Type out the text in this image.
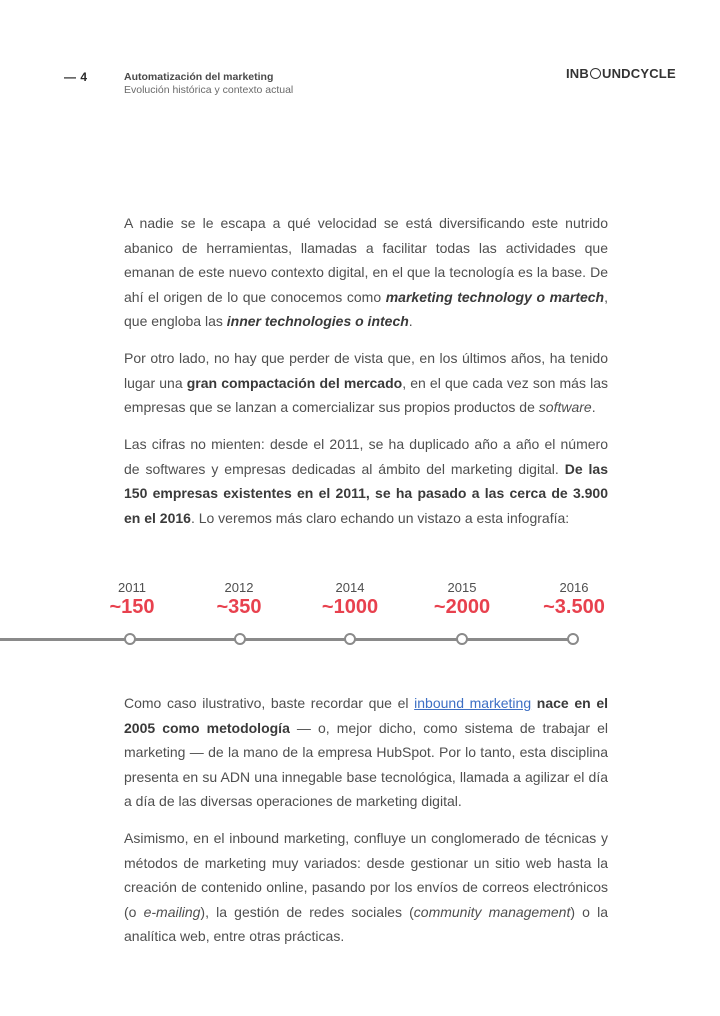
— 4	Automatización del marketing
Evolución histórica y contexto actual
INB UNDCYCLE

A nadie se le escapa a qué velocidad se está diversificando este nutrido abanico de herramientas, llamadas a facilitar todas las actividades que emanan de este nuevo contexto digital, en el que la tecnología es la base. De ahí el origen de lo que conocemos como marketing technology o martech, que engloba las inner technologies o intech.

Por otro lado, no hay que perder de vista que, en los últimos años, ha tenido lugar una gran compactación del mercado, en el que cada vez son más las empresas que se lanzan a comercializar sus propios productos de software.

Las cifras no mienten: desde el 2011, se ha duplicado año a año el número de softwares y empresas dedicadas al ámbito del marketing digital. De las 150 empresas existentes en el 2011, se ha pasado a las cerca de 3.900 en el 2016. Lo veremos más claro echando un vistazo a esta infografía:

2011
~150
2012
~350
2014
~1000
2015
~2000
2016
~3.500

Como caso ilustrativo, baste recordar que el inbound marketing nace en el 2005 como metodología — o, mejor dicho, como sistema de trabajar el marketing — de la mano de la empresa HubSpot. Por lo tanto, esta disciplina presenta en su ADN una innegable base tecnológica, llamada a agilizar el día a día de las diversas operaciones de marketing digital.

Asimismo, en el inbound marketing, confluye un conglomerado de técnicas y métodos de marketing muy variados: desde gestionar un sitio web hasta la creación de contenido online, pasando por los envíos de correos electrónicos (o e-mailing), la gestión de redes sociales (community management) o la analítica web, entre otras prácticas.
